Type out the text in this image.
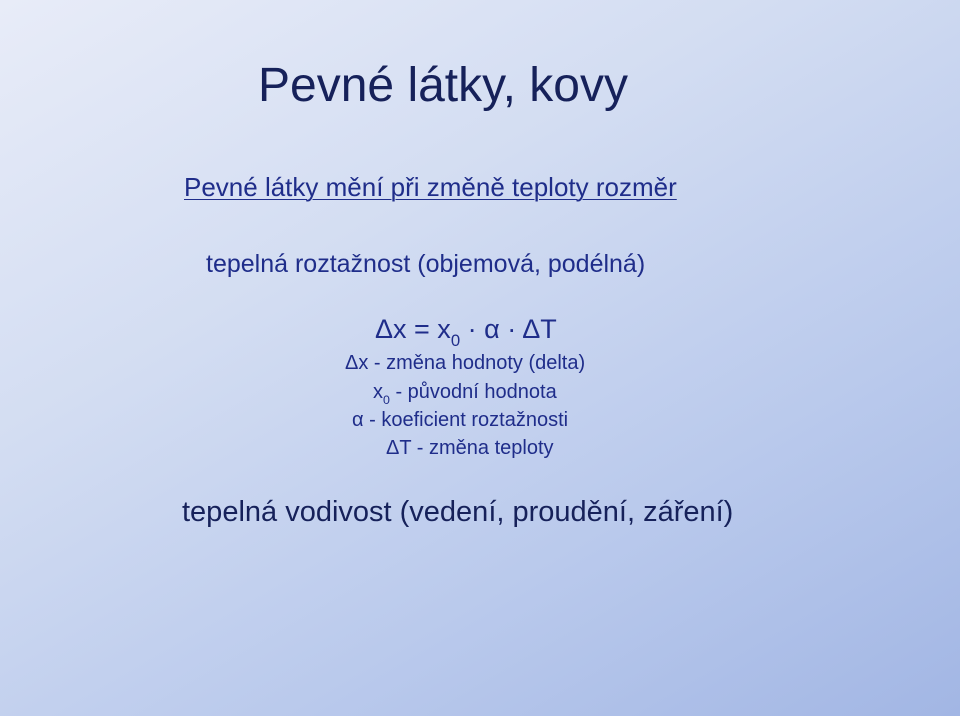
Pevné látky, kovy
Pevné látky mění při změně teploty rozměr
tepelná roztažnost (objemová, podélná)
$\Delta x = x_0 \cdot \alpha \cdot \Delta T$
Δx - změna hodnoty (delta)
$x_0$ - původní hodnota
α - koeficient roztažnosti
ΔT - změna teploty
tepelná vodivost (vedení, proudění, záření)
